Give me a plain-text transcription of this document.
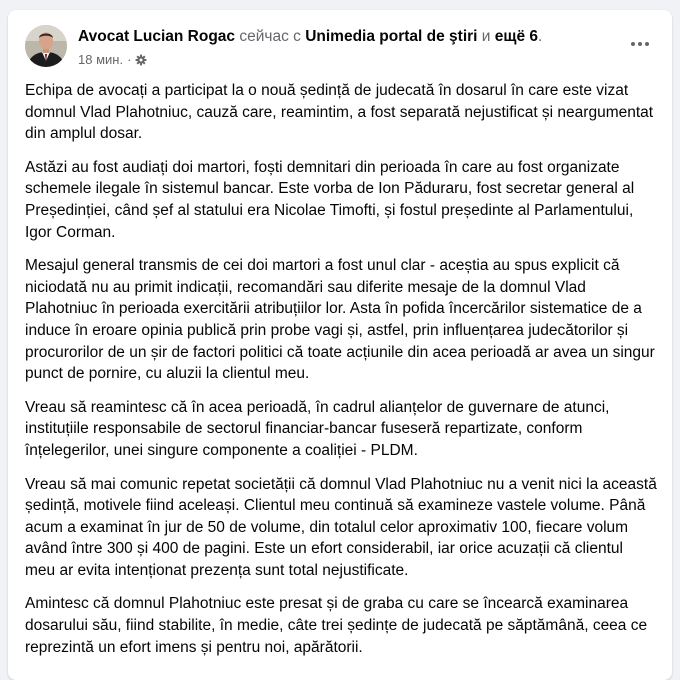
Avocat Lucian Rogac сейчас с Unimedia portal de ştiri и ещё 6.
18 мин. ·

Echipa de avocați a participat la o nouă ședință de judecată în dosarul în care este vizat domnul Vlad Plahotniuc, cauză care, reamintim, a fost separată nejustificat și neargumentat din amplul dosar.

Astăzi au fost audiați doi martori, foști demnitari din perioada în care au fost organizate schemele ilegale în sistemul bancar. Este vorba de Ion Păduraru, fost secretar general al Președinției, când șef al statului era Nicolae Timofti, și fostul președinte al Parlamentului, Igor Corman.

Mesajul general transmis de cei doi martori a fost unul clar - aceștia au spus explicit că niciodată nu au primit indicații, recomandări sau diferite mesaje de la domnul Vlad Plahotniuc în perioada exercitării atribuțiilor lor. Asta în pofida încercărilor sistematice de a induce în eroare opinia publică prin probe vagi și, astfel, prin influențarea judecătorilor și procurorilor de un șir de factori politici că toate acțiunile din acea perioadă ar avea un singur punct de pornire, cu aluzii la clientul meu.

Vreau să reamintesc că în acea perioadă, în cadrul alianțelor de guvernare de atunci, instituțiile responsabile de sectorul financiar-bancar fuseseră repartizate, conform înțelegerilor, unei singure componente a coaliției - PLDM.

Vreau să mai comunic repetat societății că domnul Vlad Plahotniuc nu a venit nici la această ședință, motivele fiind aceleași. Clientul meu continuă să examineze vastele volume. Până acum a examinat în jur de 50 de volume, din totalul celor aproximativ 100, fiecare volum având între 300 și 400 de pagini. Este un efort considerabil, iar orice acuzații că clientul meu ar evita intenționat prezența sunt total nejustificate.

Amintesc că domnul Plahotniuc este presat și de graba cu care se încearcă examinarea dosarului său, fiind stabilite, în medie, câte trei ședințe de judecată pe săptămână, ceea ce reprezintă un efort imens și pentru noi, apărătorii.
